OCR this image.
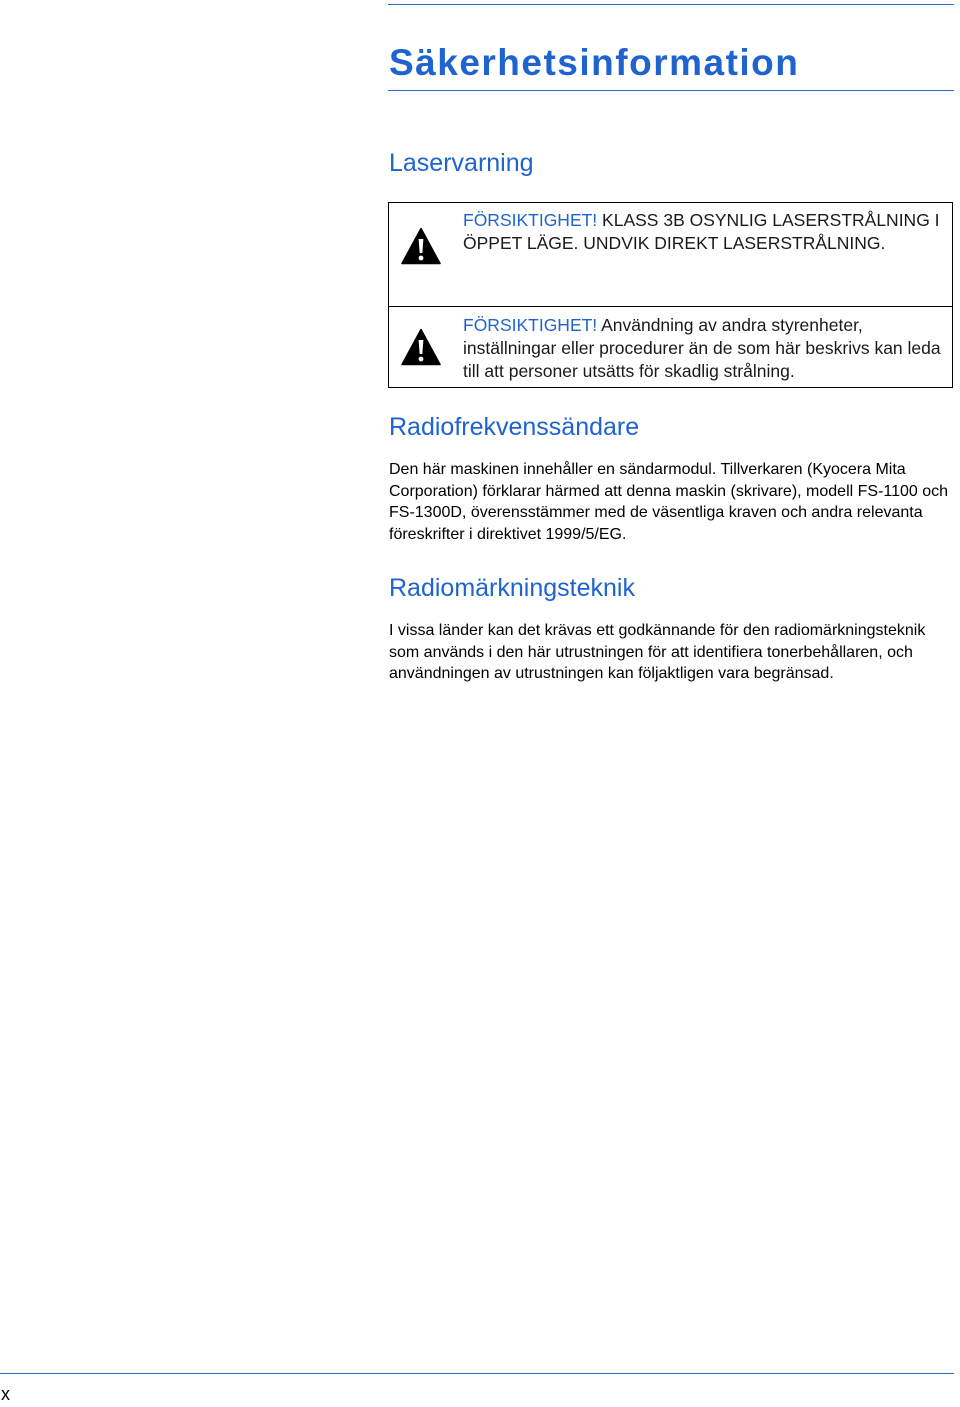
Säkerhetsinformation
Laservarning
FÖRSIKTIGHET! KLASS 3B OSYNLIG LASERSTRÅLNING I ÖPPET LÄGE. UNDVIK DIREKT LASERSTRÅLNING.
FÖRSIKTIGHET! Användning av andra styrenheter, inställningar eller procedurer än de som här beskrivs kan leda till att personer utsätts för skadlig strålning.
Radiofrekvenssändare

Den här maskinen innehåller en sändarmodul. Tillverkaren (Kyocera Mita Corporation) förklarar härmed att denna maskin (skrivare), modell FS-1100 och FS-1300D, överensstämmer med de väsentliga kraven och andra relevanta föreskrifter i direktivet 1999/5/EG.

Radiomärkningsteknik

I vissa länder kan det krävas ett godkännande för den radiomärkningsteknik som används i den här utrustningen för att identifiera tonerbehållaren, och användningen av utrustningen kan följaktligen vara begränsad.

x
